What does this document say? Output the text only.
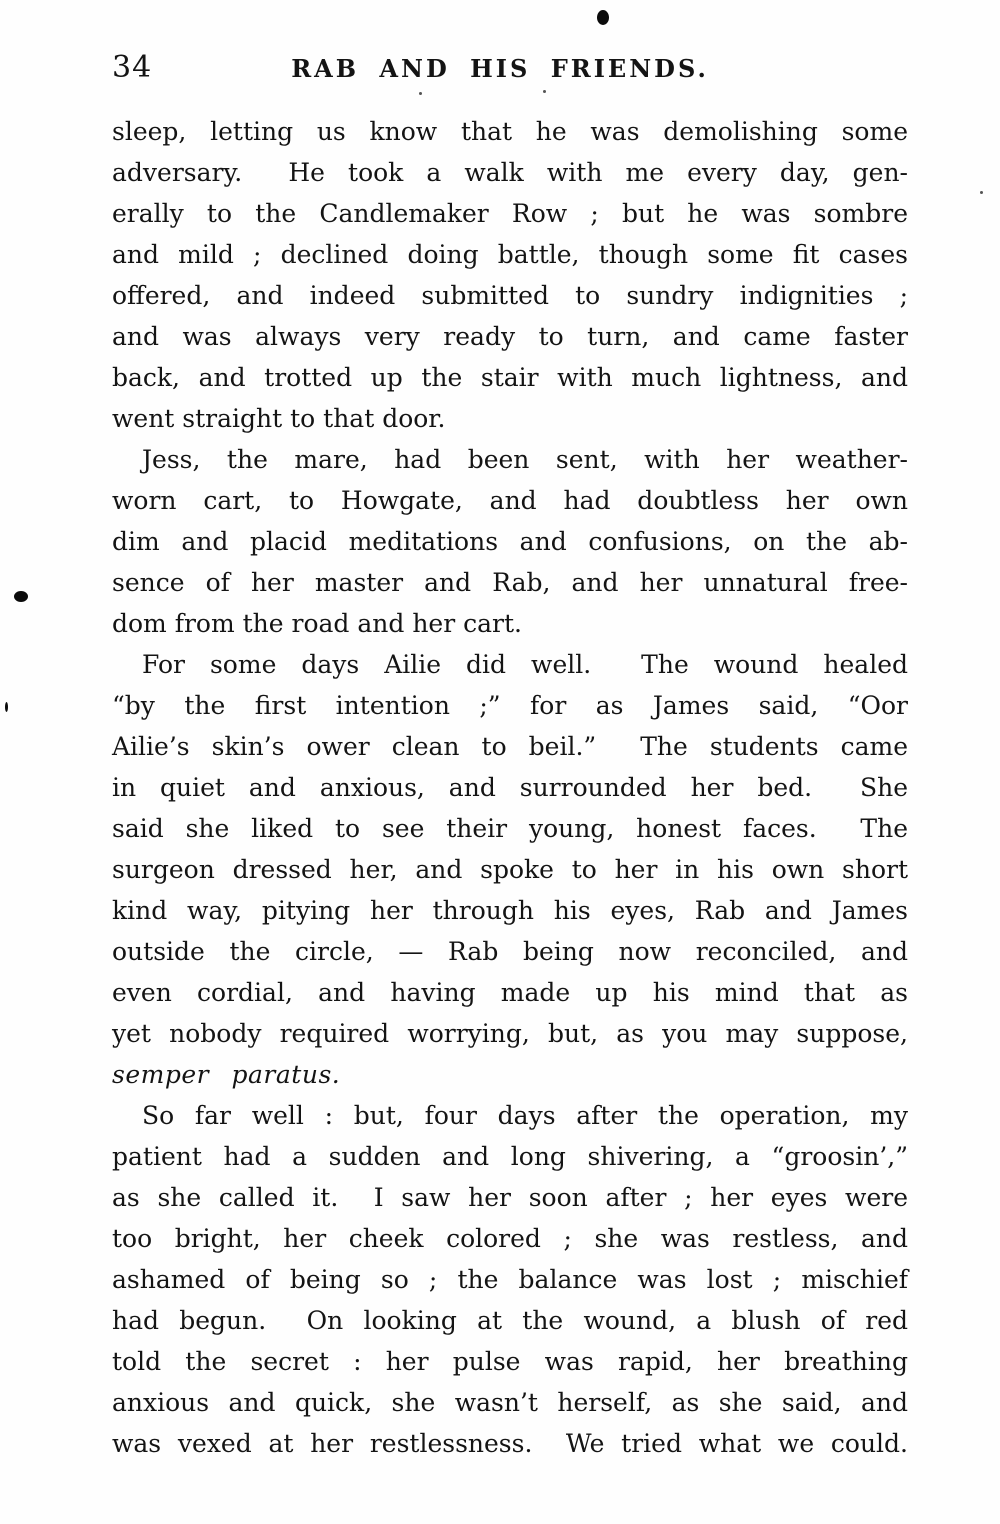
34	RAB AND HIS FRIENDS.
sleep, letting us know that he was demolishing some
adversary.  He took a walk with me every day, gen-
erally to the Candlemaker Row ; but he was sombre
and mild ; declined doing battle, though some fit cases
offered, and indeed submitted to sundry indignities ;
and was always very ready to turn, and came faster
back, and trotted up the stair with much lightness, and
went straight to that door.
Jess, the mare, had been sent, with her weather-
worn cart, to Howgate, and had doubtless her own
dim and placid meditations and confusions, on the ab-
sence of her master and Rab, and her unnatural free-
dom from the road and her cart.
For some days Ailie did well.  The wound healed
“by the first intention ;” for as James said, “Oor
Ailie’s skin’s ower clean to beil.”  The students came
in quiet and anxious, and surrounded her bed.  She
said she liked to see their young, honest faces.  The
surgeon dressed her, and spoke to her in his own short
kind way, pitying her through his eyes, Rab and James
outside the circle, — Rab being now reconciled, and
even cordial, and having made up his mind that as
yet nobody required worrying, but, as you may suppose,
semper paratus.
So far well : but, four days after the operation, my
patient had a sudden and long shivering, a “groosin’,”
as she called it.  I saw her soon after ; her eyes were
too bright, her cheek colored ; she was restless, and
ashamed of being so ; the balance was lost ; mischief
had begun.  On looking at the wound, a blush of red
told the secret : her pulse was rapid, her breathing
anxious and quick, she wasn’t herself, as she said, and
was vexed at her restlessness.  We tried what we could.
